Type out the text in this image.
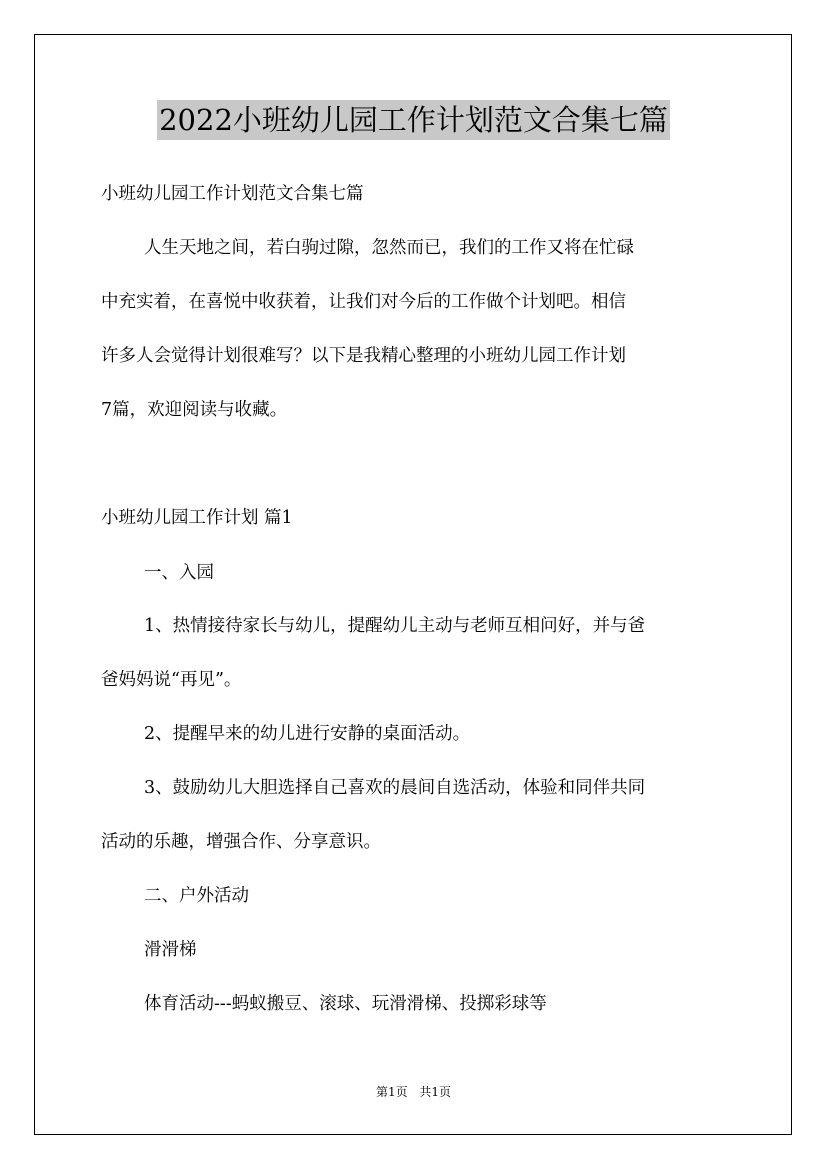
2022小班幼儿园工作计划范文合集七篇
小班幼儿园工作计划范文合集七篇
人生天地之间，若白驹过隙，忽然而已，我们的工作又将在忙碌
中充实着，在喜悦中收获着，让我们对今后的工作做个计划吧。相信
许多人会觉得计划很难写？以下是我精心整理的小班幼儿园工作计划
7篇，欢迎阅读与收藏。
小班幼儿园工作计划 篇1
一、入园
1、热情接待家长与幼儿，提醒幼儿主动与老师互相问好，并与爸
爸妈妈说“再见”。
2、提醒早来的幼儿进行安静的桌面活动。
3、鼓励幼儿大胆选择自己喜欢的晨间自选活动，体验和同伴共同
活动的乐趣，增强合作、分享意识。
二、户外活动
滑滑梯
体育活动---蚂蚁搬豆、滚球、玩滑滑梯、投掷彩球等
第1页 共1页
